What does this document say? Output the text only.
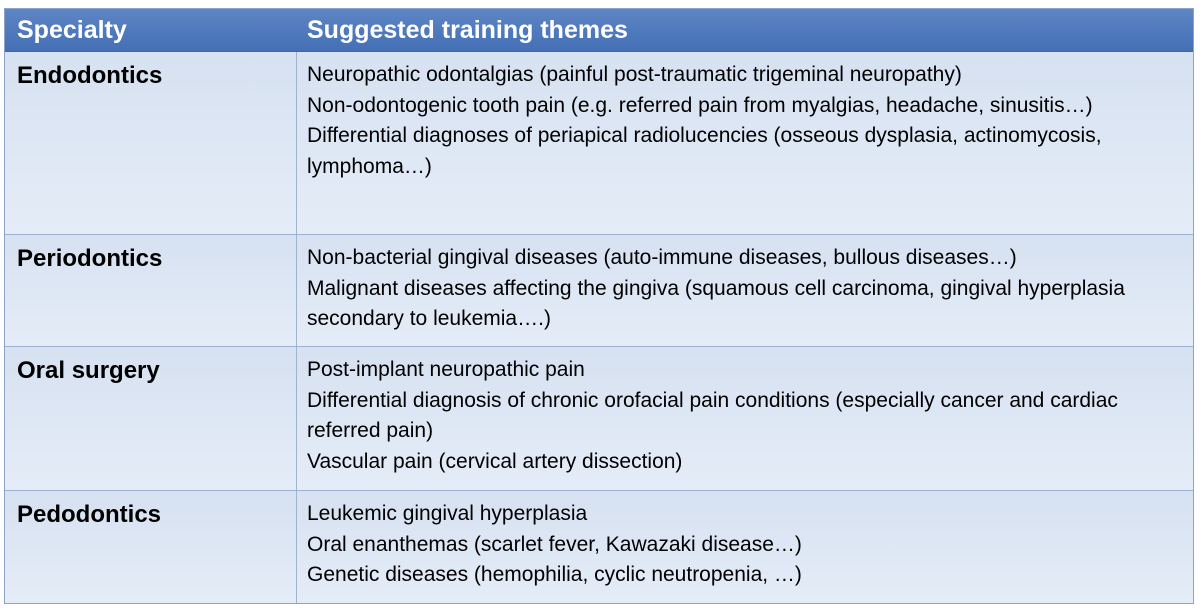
Specialty	Suggested training themes
Endodontics	Neuropathic odontalgias (painful post-traumatic trigeminal neuropathy)
Non-odontogenic tooth pain (e.g. referred pain from myalgias, headache, sinusitis…)
Differential diagnoses of periapical radiolucencies (osseous dysplasia, actinomycosis, lymphoma…)
Periodontics	Non-bacterial gingival diseases (auto-immune diseases, bullous diseases…)
Malignant diseases affecting the gingiva (squamous cell carcinoma, gingival hyperplasia secondary to leukemia….)
Oral surgery	Post-implant neuropathic pain
Differential diagnosis of chronic orofacial pain conditions (especially cancer and cardiac referred pain)
Vascular pain (cervical artery dissection)
Pedodontics	Leukemic gingival hyperplasia
Oral enanthemas (scarlet fever, Kawazaki disease…)
Genetic diseases (hemophilia, cyclic neutropenia, …)
